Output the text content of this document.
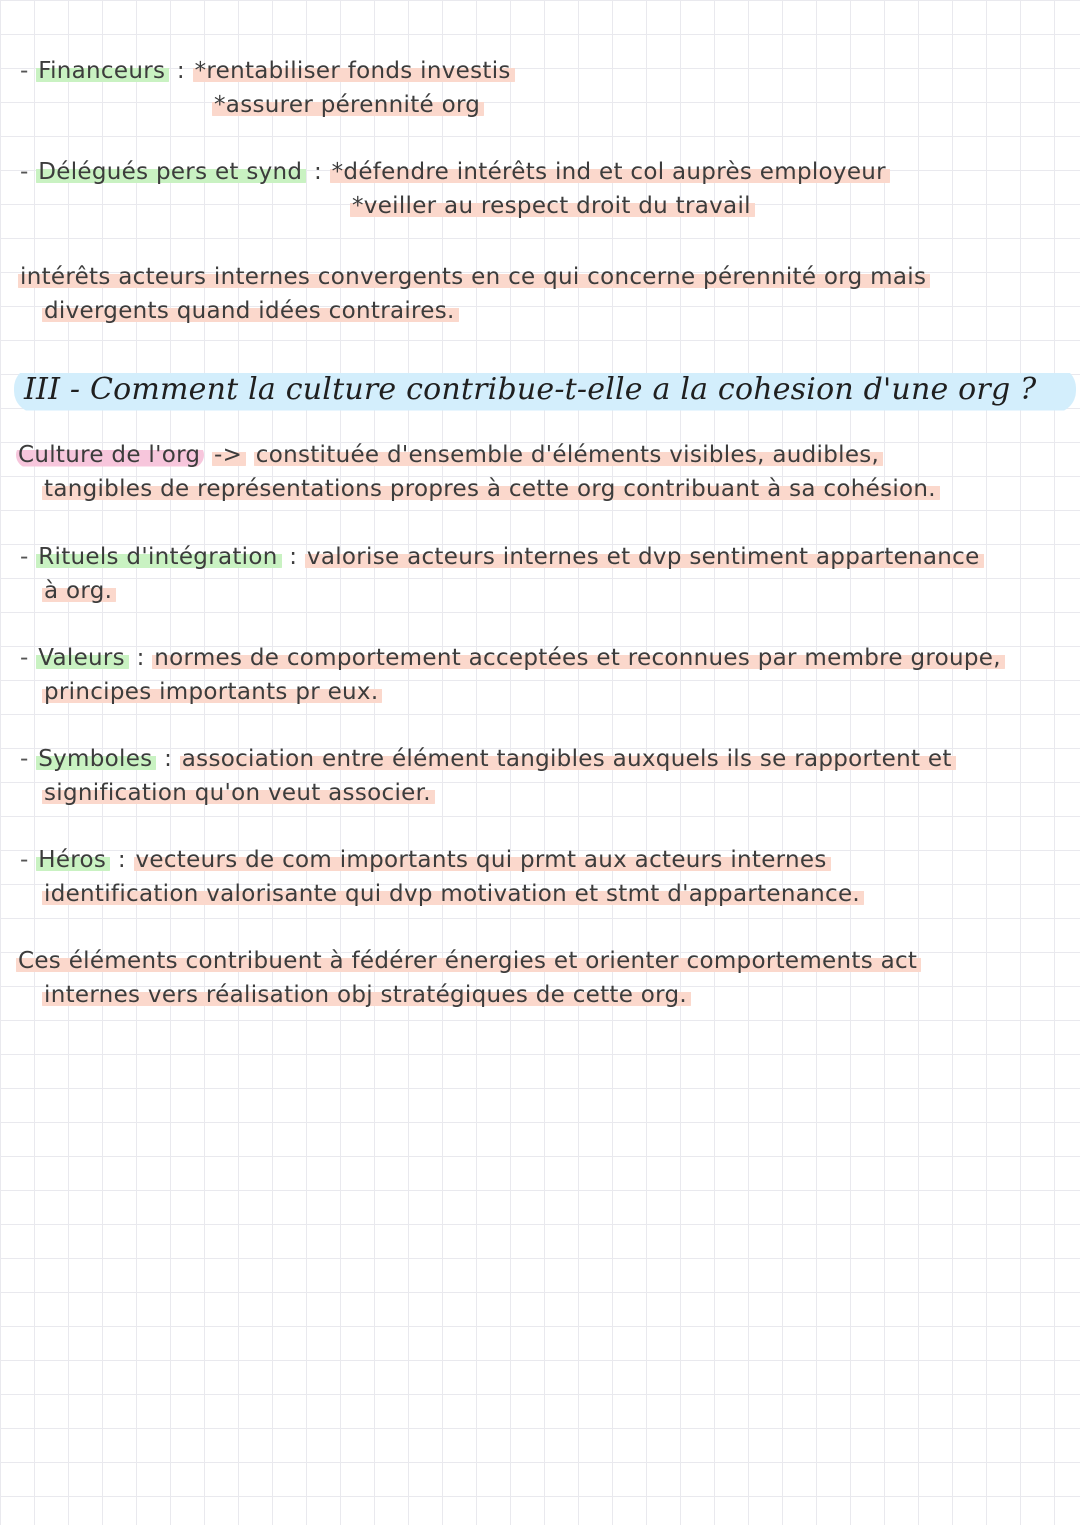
- Financeurs : *rentabiliser fonds investis
*assurer pérennité org
- Délégués pers et synd : *défendre intérêts ind et col auprès employeur
*veiller au respect droit du travail
intérêts acteurs internes convergents en ce qui concerne pérennité org mais
divergents quand idées contraires.
III - Comment la culture contribue-t-elle a la cohesion d'une org ?
Culture de l'org -> constituée d'ensemble d'éléments visibles, audibles,
tangibles de représentations propres à cette org contribuant à sa cohésion.
- Rituels d'intégration : valorise acteurs internes et dvp sentiment appartenance
à org.
- Valeurs : normes de comportement acceptées et reconnues par membre groupe,
principes importants pr eux.
- Symboles : association entre élément tangibles auxquels ils se rapportent et
signification qu'on veut associer.
- Héros : vecteurs de com importants qui prmt aux acteurs internes
identification valorisante qui dvp motivation et stmt d'appartenance.
Ces éléments contribuent à fédérer énergies et orienter comportements act
internes vers réalisation obj stratégiques de cette org.
